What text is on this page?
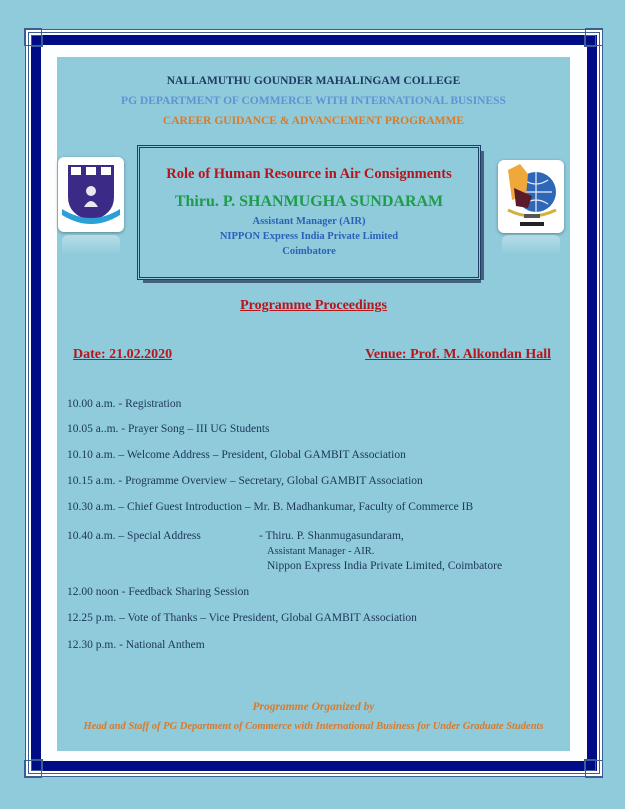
NALLAMUTHU GOUNDER MAHALINGAM COLLEGE
PG DEPARTMENT OF COMMERCE WITH INTERNATIONAL BUSINESS
CAREER GUIDANCE & ADVANCEMENT PROGRAMME
Role of Human Resource in Air Consignments
Thiru. P. SHANMUGHA SUNDARAM
Assistant Manager (AIR)
NIPPON Express India Private Limited
Coimbatore
Programme Proceedings
Date: 21.02.2020	Venue: Prof. M. Alkondan Hall
10.00 a.m. - Registration
10.05 a..m. - Prayer Song – III UG Students
10.10 a.m. – Welcome Address – President, Global GAMBIT Association
10.15 a.m. - Programme Overview – Secretary, Global GAMBIT Association
10.30 a.m. – Chief Guest Introduction – Mr. B. Madhankumar, Faculty of Commerce IB
10.40 a.m. – Special Address	- Thiru. P. Shanmugasundaram,
Assistant Manager - AIR.
Nippon Express India Private Limited, Coimbatore
12.00 noon - Feedback Sharing Session
12.25 p.m. – Vote of Thanks – Vice President, Global GAMBIT Association
12.30 p.m. - National Anthem
Programme Organized by
Head and Staff of PG Department of Commerce with International Business for Under Graduate Students
